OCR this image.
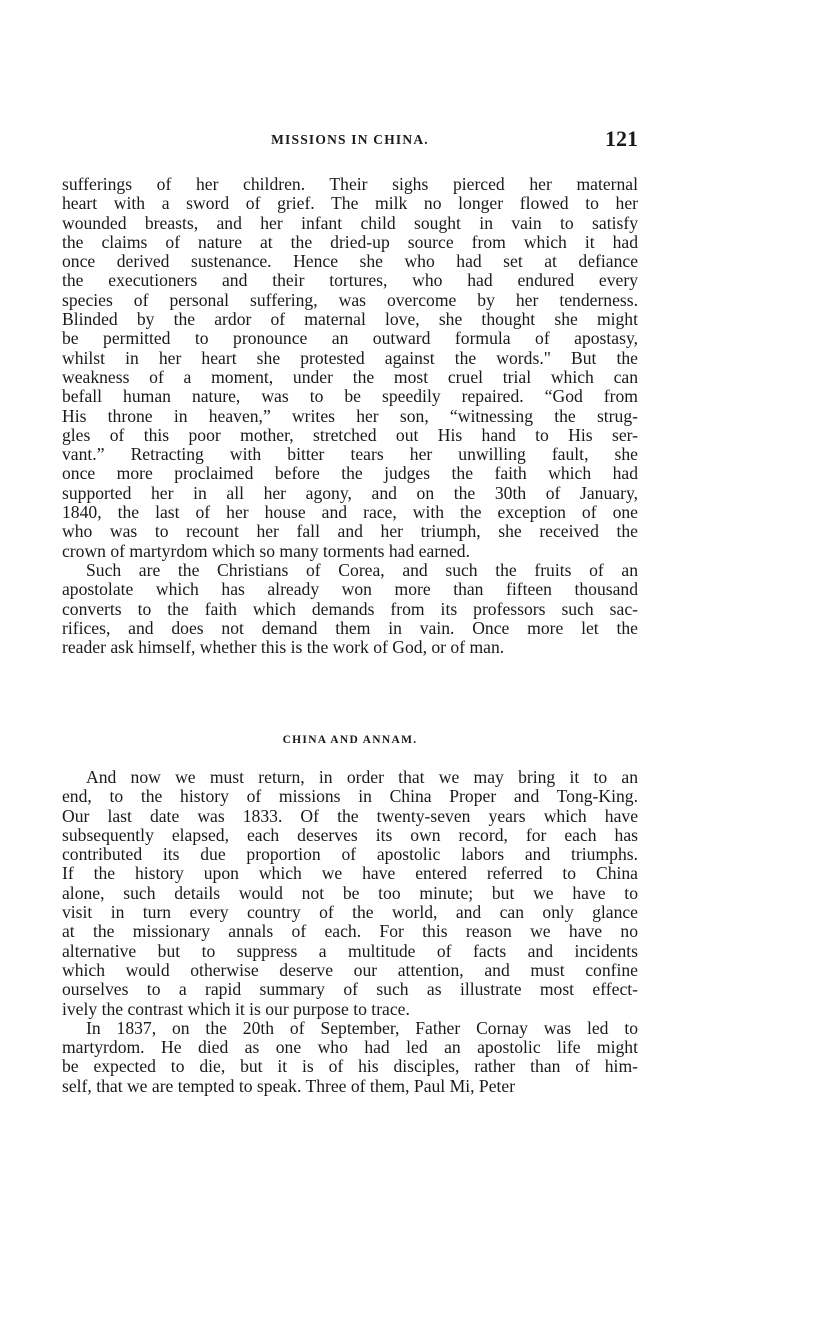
MISSIONS IN CHINA.	121
sufferings of her children. Their sighs pierced her maternal
heart with a sword of grief. The milk no longer flowed to her
wounded breasts, and her infant child sought in vain to satisfy
the claims of nature at the dried-up source from which it had
once derived sustenance. Hence she who had set at defiance
the executioners and their tortures, who had endured every
species of personal suffering, was overcome by her tenderness.
Blinded by the ardor of maternal love, she thought she might
be permitted to pronounce an outward formula of apostasy,
whilst in her heart she protested against the words." But the
weakness of a moment, under the most cruel trial which can
befall human nature, was to be speedily repaired. “God from
His throne in heaven,” writes her son, “witnessing the strug-
gles of this poor mother, stretched out His hand to His ser-
vant.” Retracting with bitter tears her unwilling fault, she
once more proclaimed before the judges the faith which had
supported her in all her agony, and on the 30th of January,
1840, the last of her house and race, with the exception of one
who was to recount her fall and her triumph, she received the
crown of martyrdom which so many torments had earned.
Such are the Christians of Corea, and such the fruits of an
apostolate which has already won more than fifteen thousand
converts to the faith which demands from its professors such sac-
rifices, and does not demand them in vain. Once more let the
reader ask himself, whether this is the work of God, or of man.
CHINA AND ANNAM.
And now we must return, in order that we may bring it to an
end, to the history of missions in China Proper and Tong-King.
Our last date was 1833. Of the twenty-seven years which have
subsequently elapsed, each deserves its own record, for each has
contributed its due proportion of apostolic labors and triumphs.
If the history upon which we have entered referred to China
alone, such details would not be too minute; but we have to
visit in turn every country of the world, and can only glance
at the missionary annals of each. For this reason we have no
alternative but to suppress a multitude of facts and incidents
which would otherwise deserve our attention, and must confine
ourselves to a rapid summary of such as illustrate most effect-
ively the contrast which it is our purpose to trace.
In 1837, on the 20th of September, Father Cornay was led to
martyrdom. He died as one who had led an apostolic life might
be expected to die, but it is of his disciples, rather than of him-
self, that we are tempted to speak. Three of them, Paul Mi, Peter
